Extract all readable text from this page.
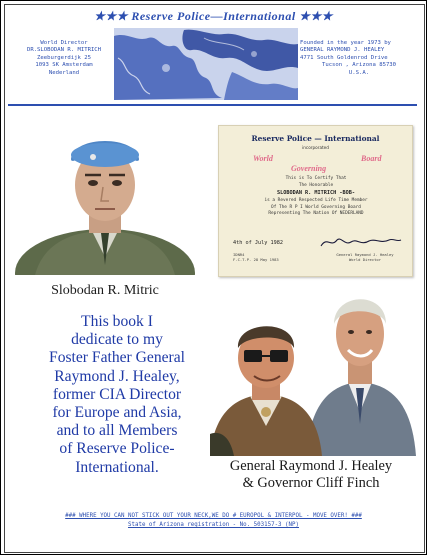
★★★ Reserve Police—International ★★★
World Director
DR.SLOBODAN R. MITRICH
Zeeburgerdijk 25
1093 SK Amsterdam
Nederland
Founded in the year 1973 by
GENERAL RAYMOND J. HEALEY
4771 South Goldenrod Drive
Tucson , Arizona 85730
U.S.A.
Slobodan R. Mitric
Reserve Police — International
incorporated
World
Governing
Board
This is To Certify That
The Honorable
SLOBODAN R. MITRICH -BOB-
is a Revered Respected Life Time Member
Of The R P I World Governing Board
Representing The Nation Of NEDERLAND
4th of July 1982
IDNR4
F.C.T.P. 28 May 1983
General Raymond J. Healey
World Director
This book I
dedicate to my
Foster Father General
Raymond J. Healey,
former CIA Director
for Europe and Asia,
and to all Members
of Reserve Police-
International.	General Raymond J. Healey
& Governor Cliff Finch
### WHERE YOU CAN NOT STICK OUT YOUR NECK,WE DO # EUROPOL & INTERPOL - MOVE OVER! ###
State of Arizona registration - No. 503157-3 (NP)
